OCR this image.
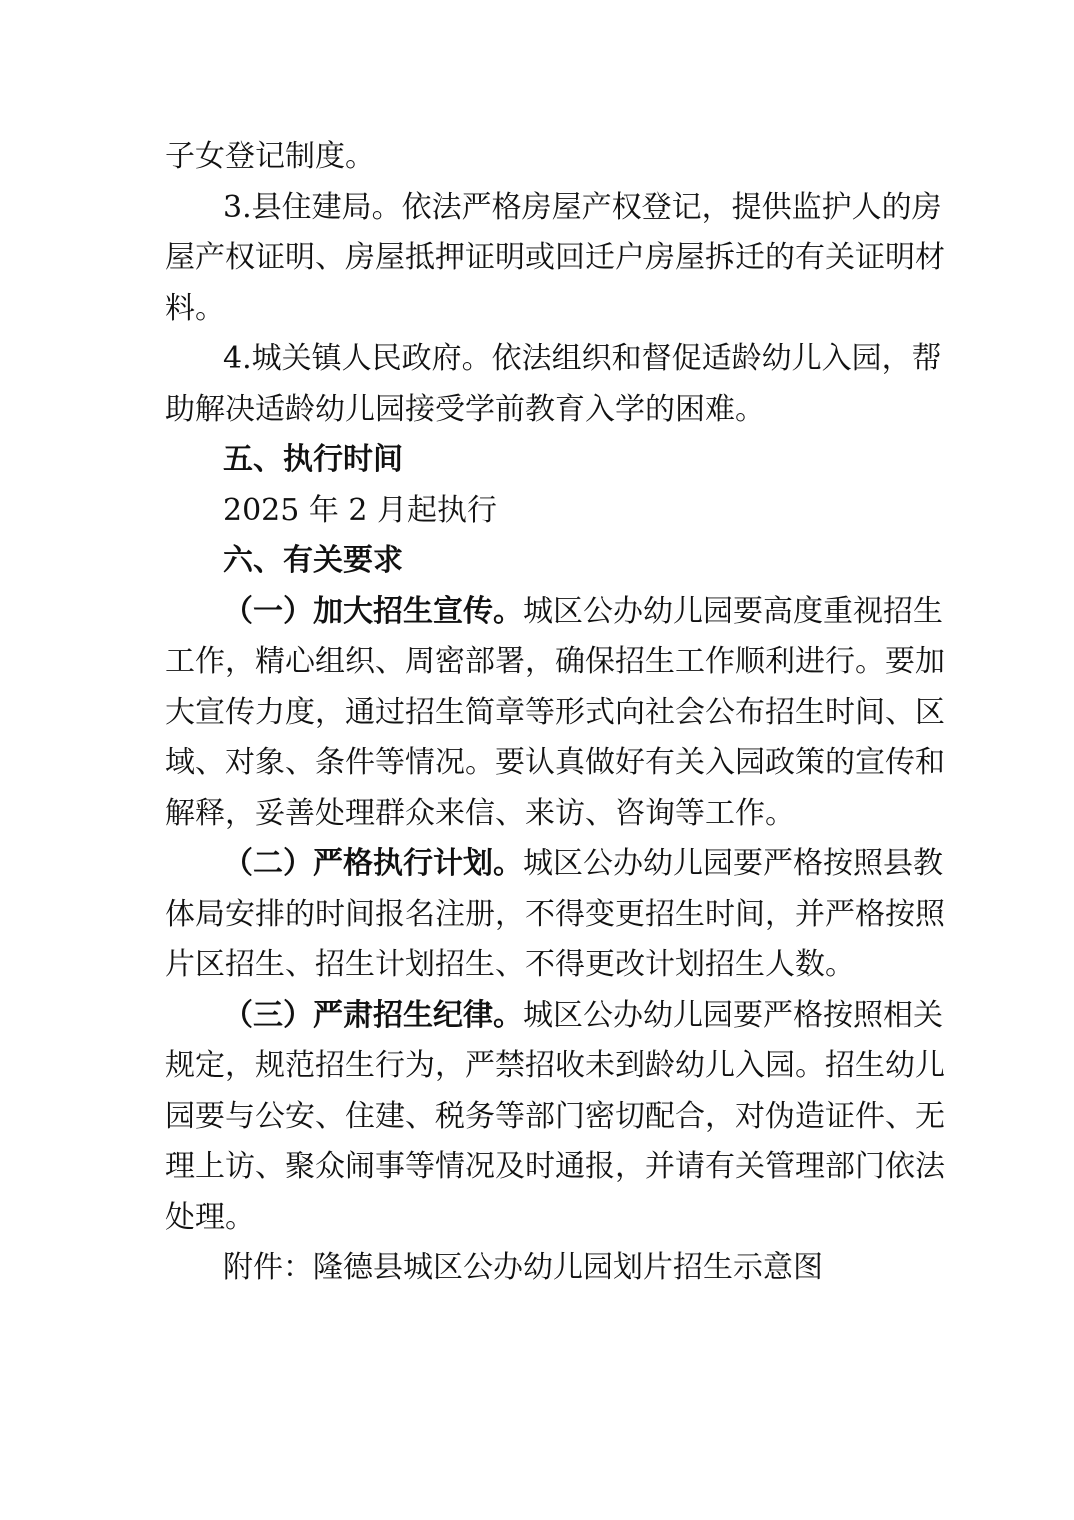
子女登记制度。
3.县住建局。依法严格房屋产权登记，提供监护人的房
屋产权证明、房屋抵押证明或回迁户房屋拆迁的有关证明材
料。
4.城关镇人民政府。依法组织和督促适龄幼儿入园，帮
助解决适龄幼儿园接受学前教育入学的困难。
五、执行时间
2025 年 2 月起执行
六、有关要求
（一）加大招生宣传。城区公办幼儿园要高度重视招生
工作，精心组织、周密部署，确保招生工作顺利进行。要加
大宣传力度，通过招生简章等形式向社会公布招生时间、区
域、对象、条件等情况。要认真做好有关入园政策的宣传和
解释，妥善处理群众来信、来访、咨询等工作。
（二）严格执行计划。城区公办幼儿园要严格按照县教
体局安排的时间报名注册，不得变更招生时间，并严格按照
片区招生、招生计划招生、不得更改计划招生人数。
（三）严肃招生纪律。城区公办幼儿园要严格按照相关
规定，规范招生行为，严禁招收未到龄幼儿入园。招生幼儿
园要与公安、住建、税务等部门密切配合，对伪造证件、无
理上访、聚众闹事等情况及时通报，并请有关管理部门依法
处理。
附件：隆德县城区公办幼儿园划片招生示意图
